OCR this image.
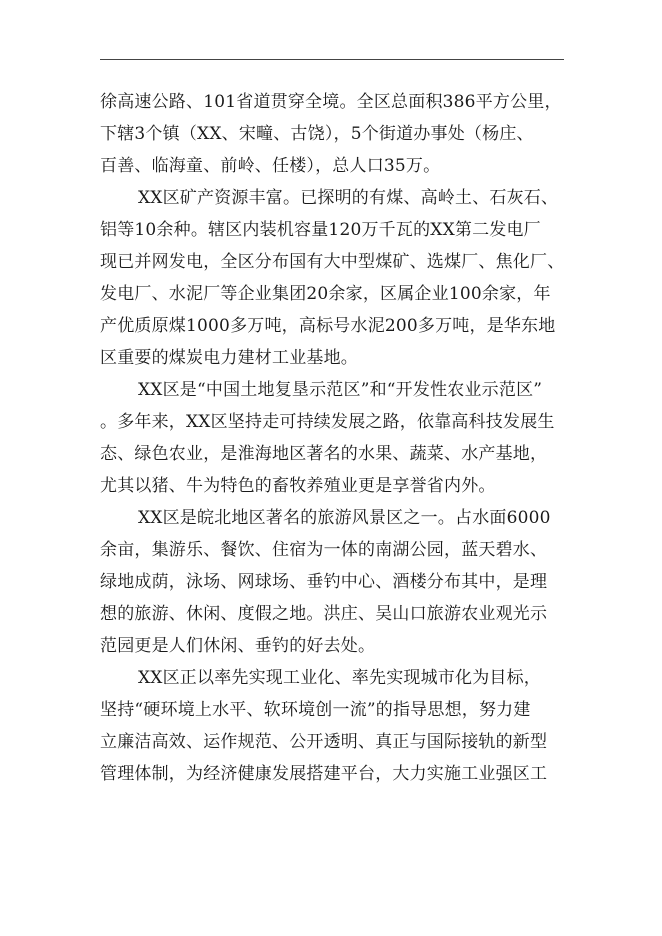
徐高速公路、101省道贯穿全境。全区总面积386平方公里，
下辖3个镇（XX、宋疃、古饶），5个街道办事处（杨庄、
百善、临海童、前岭、任楼），总人口35万。
XX区矿产资源丰富。已探明的有煤、高岭土、石灰石、
铝等10余种。辖区内装机容量120万千瓦的XX第二发电厂
现已并网发电，全区分布国有大中型煤矿、选煤厂、焦化厂、
发电厂、水泥厂等企业集团20余家，区属企业100余家，年
产优质原煤1000多万吨，高标号水泥200多万吨，是华东地
区重要的煤炭电力建材工业基地。
XX区是“中国土地复垦示范区”和“开发性农业示范区”
。多年来，XX区坚持走可持续发展之路，依靠高科技发展生
态、绿色农业，是淮海地区著名的水果、蔬菜、水产基地，
尤其以猪、牛为特色的畜牧养殖业更是享誉省内外。
XX区是皖北地区著名的旅游风景区之一。占水面6000
余亩，集游乐、餐饮、住宿为一体的南湖公园，蓝天碧水、
绿地成荫，泳场、网球场、垂钓中心、酒楼分布其中，是理
想的旅游、休闲、度假之地。洪庄、吴山口旅游农业观光示
范园更是人们休闲、垂钓的好去处。
XX区正以率先实现工业化、率先实现城市化为目标，
坚持“硬环境上水平、软环境创一流”的指导思想，努力建
立廉洁高效、运作规范、公开透明、真正与国际接轨的新型
管理体制，为经济健康发展搭建平台，大力实施工业强区工
